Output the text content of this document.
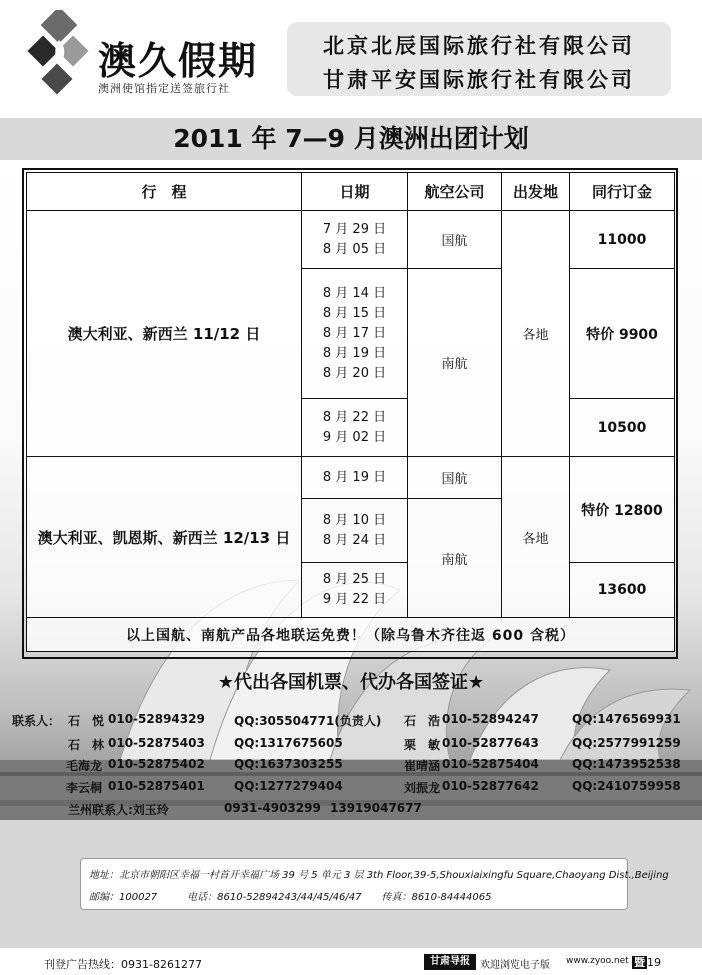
澳久假期
澳洲使馆指定送签旅行社
北京北辰国际旅行社有限公司
甘肃平安国际旅行社有限公司
2011 年 7—9 月澳洲出团计划
行　程	日期	航空公司	出发地	同行订金
澳大利亚、新西兰 11/12 日	7 月 29 日
8 月 05 日	国航	各地	11000

	8 月 14 日
8 月 15 日
8 月 17 日
8 月 19 日
8 月 20 日	南航		特价 9900

	8 月 22 日
9 月 02 日			10500
澳大利亚、凯恩斯、新西兰 12/13 日	8 月 19 日	国航	各地	特价 12800

	8 月 10 日
8 月 24 日	南航		

	8 月 25 日
9 月 22 日			13600
以上国航、南航产品各地联运免费！（除乌鲁木齐往返 600 含税）				
★代出各国机票、代办各国签证★
联系人： 石　悦 010-52894329 QQ:305504771(负责人) 石　浩 010-52894247	QQ:1476569931
石　林 010-52875403 QQ:1317675605	栗　敏 010-52877643	QQ:2577991259
毛海龙 010-52875402 QQ:1637303255	崔晴涵 010-52875404	QQ:1473952538
李云桐 010-52875401 QQ:1277279404	刘振龙 010-52877642	QQ:2410759958
兰州联系人:刘玉玲	0931-4903299 13919047677
地址：北京市朝阳区幸福一村首开幸福广场 39 号 5 单元 3 层 3th Floor,39-5,Shouxiaixingfu Square,Chaoyang Dist.,Beijing
邮编：100027　　　电话：8610-52894243/44/45/46/47　　传真：8610-84444065
刊登广告热线：0931-8261277	甘肃导报	欢迎浏览电子版 www.zyoo.net 暨 19
